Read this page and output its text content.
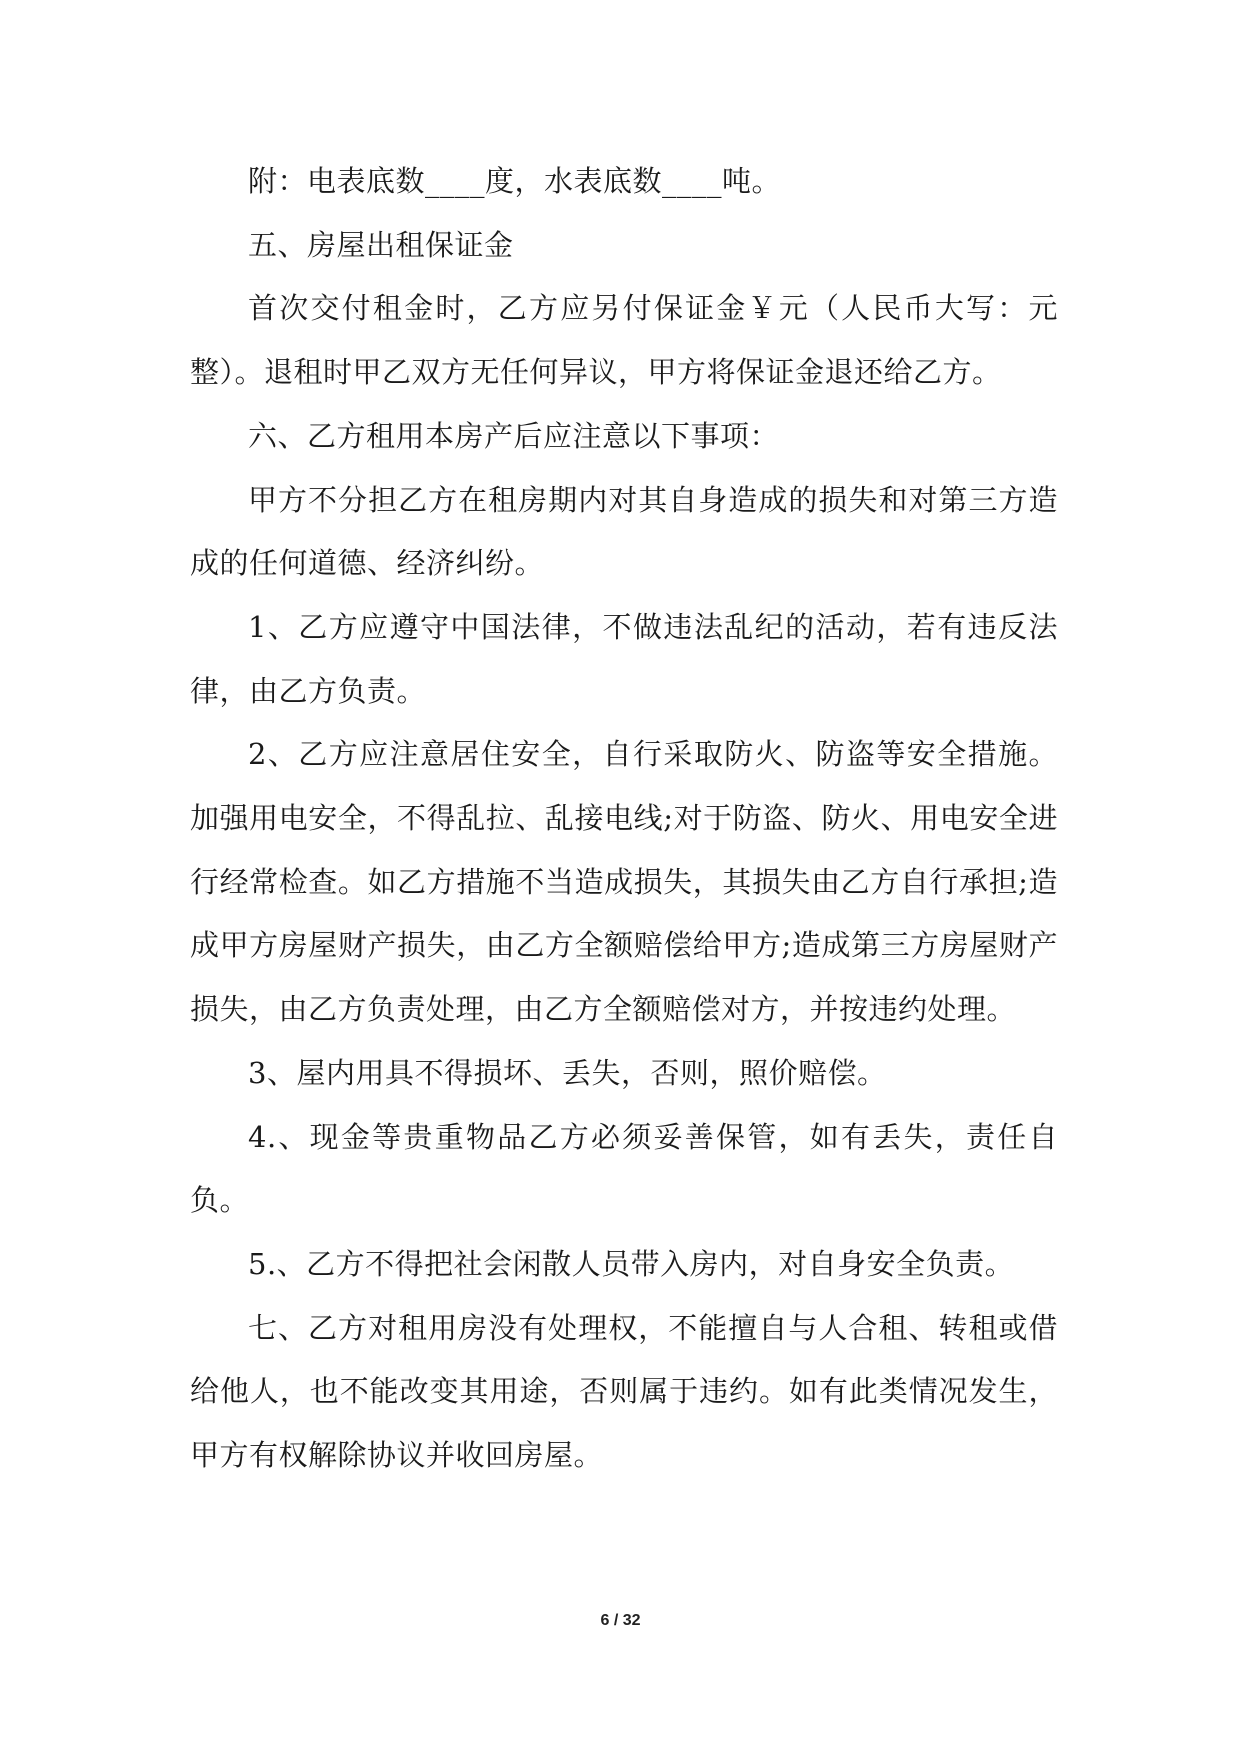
附：电表底数____度，水表底数____吨。

五、房屋出租保证金

首次交付租金时，乙方应另付保证金￥元（人民币大写：元整）。退租时甲乙双方无任何异议，甲方将保证金退还给乙方。

六、乙方租用本房产后应注意以下事项：

甲方不分担乙方在租房期内对其自身造成的损失和对第三方造成的任何道德、经济纠纷。

1、乙方应遵守中国法律，不做违法乱纪的活动，若有违反法律，由乙方负责。

2、乙方应注意居住安全，自行采取防火、防盗等安全措施。加强用电安全，不得乱拉、乱接电线;对于防盗、防火、用电安全进行经常检查。如乙方措施不当造成损失，其损失由乙方自行承担;造成甲方房屋财产损失，由乙方全额赔偿给甲方;造成第三方房屋财产损失，由乙方负责处理，由乙方全额赔偿对方，并按违约处理。

3、屋内用具不得损坏、丢失，否则，照价赔偿。

4.、现金等贵重物品乙方必须妥善保管，如有丢失，责任自负。

5.、乙方不得把社会闲散人员带入房内，对自身安全负责。

七、乙方对租用房没有处理权，不能擅自与人合租、转租或借给他人，也不能改变其用途，否则属于违约。如有此类情况发生，甲方有权解除协议并收回房屋。

6 / 32
